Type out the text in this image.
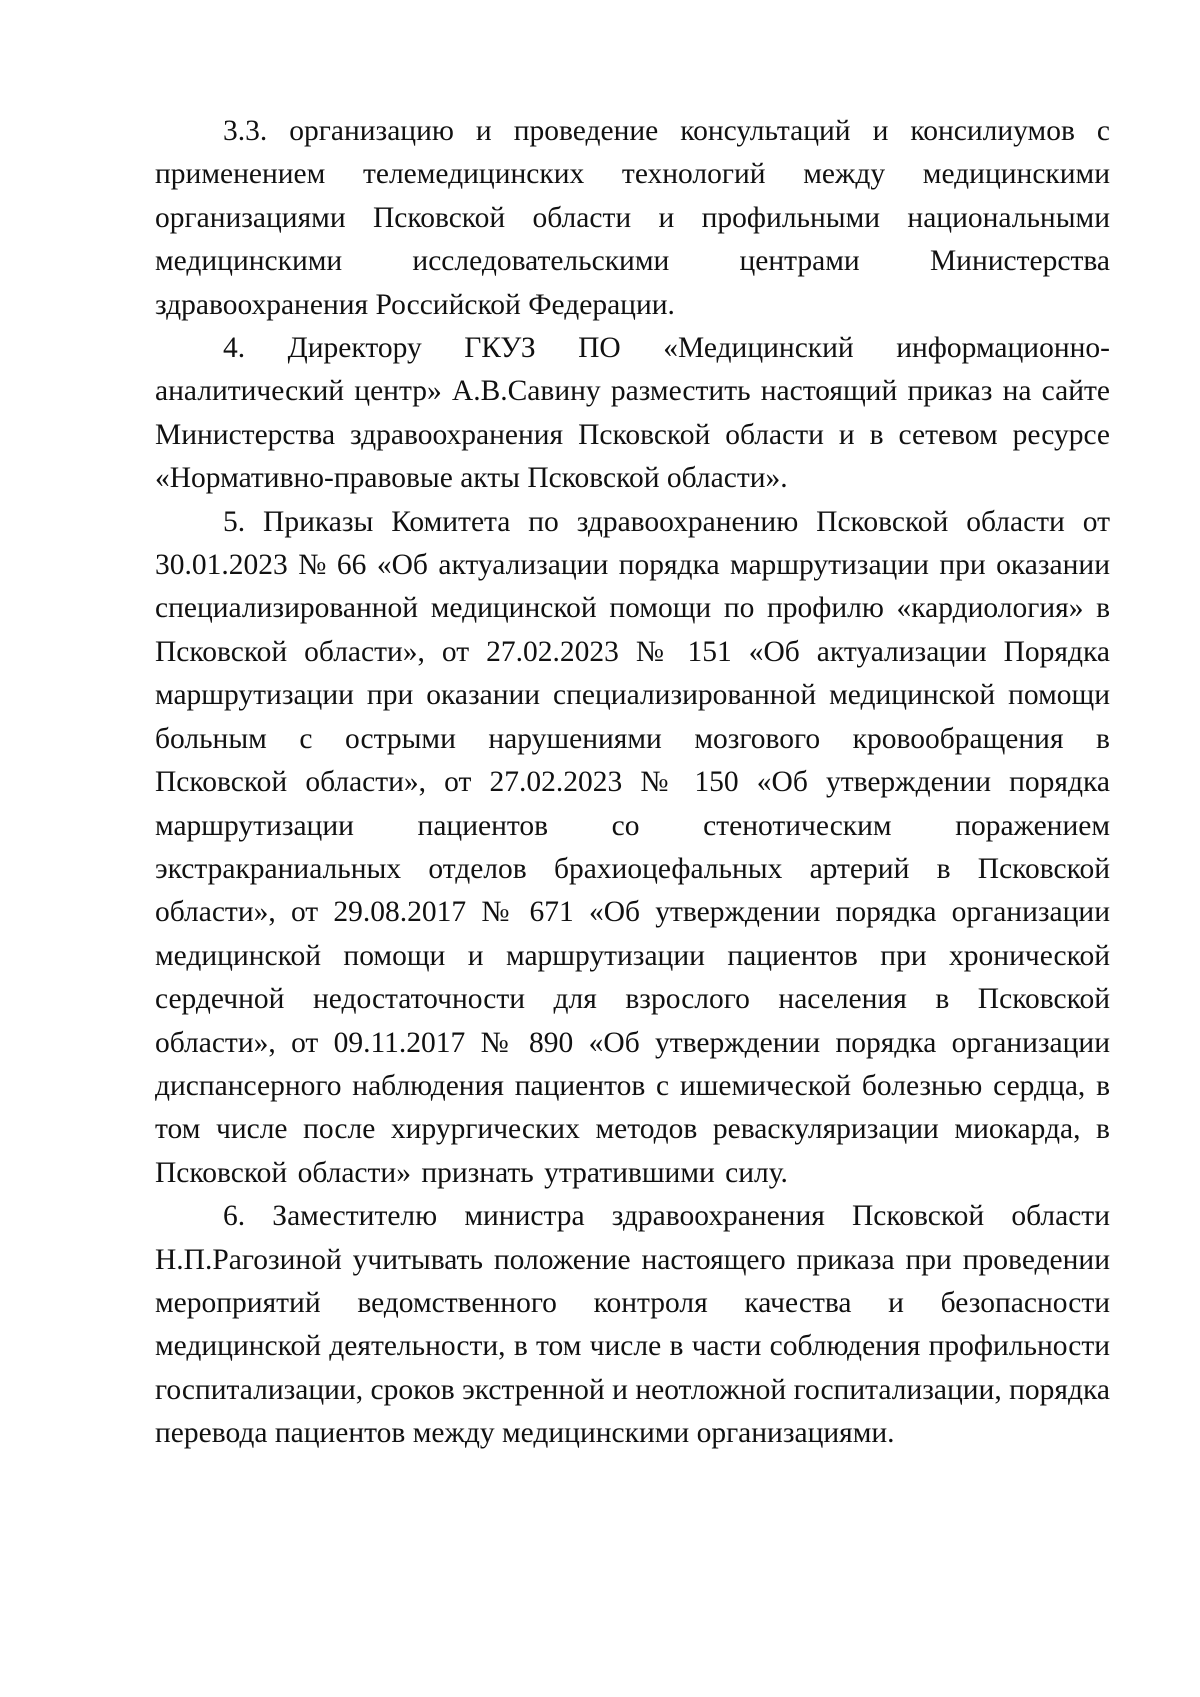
3.3. организацию и проведение консультаций и консилиумов с применением телемедицинских технологий между медицинскими организациями Псковской области и профильными национальными медицинскими исследовательскими центрами Министерства здравоохранения Российской Федерации.

4. Директору ГКУЗ ПО «Медицинский информационно-аналитический центр» А.В.Савину разместить настоящий приказ на сайте Министерства здравоохранения Псковской области и в сетевом ресурсе «Нормативно-правовые акты Псковской области».

5. Приказы Комитета по здравоохранению Псковской области от 30.01.2023 № 66 «Об актуализации порядка маршрутизации при оказании специализированной медицинской помощи по профилю «кардиология» в Псковской области», от 27.02.2023 № 151 «Об актуализации Порядка маршрутизации при оказании специализированной медицинской помощи больным с острыми нарушениями мозгового кровообращения в Псковской области», от 27.02.2023 № 150 «Об утверждении порядка маршрутизации пациентов со стенотическим поражением экстракраниальных отделов брахиоцефальных артерий в Псковской области», от 29.08.2017 № 671 «Об утверждении порядка организации медицинской помощи и маршрутизации пациентов при хронической сердечной недостаточности для взрослого населения в Псковской области», от 09.11.2017 № 890 «Об утверждении порядка организации диспансерного наблюдения пациентов с ишемической болезнью сердца, в том числе после хирургических методов реваскуляризации миокарда, в Псковской области» признать утратившими силу.

6. Заместителю министра здравоохранения Псковской области Н.П.Рагозиной учитывать положение настоящего приказа при проведении мероприятий ведомственного контроля качества и безопасности медицинской деятельности, в том числе в части соблюдения профильности госпитализации, сроков экстренной и неотложной госпитализации, порядка перевода пациентов между медицинскими организациями.
